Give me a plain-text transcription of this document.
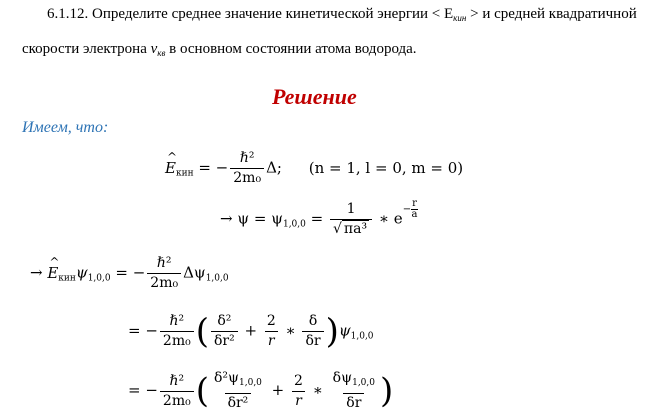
6.1.12. Определите среднее значение кинетической энергии < $E_{кин} > и$ средней квадратичной
скорости электрона $v_{кв}$ в основном состоянии атома водорода.
Решение
Имеем, что:
^ $E_{кин}$ = − $\frac{\text{ℏ²}}{\text{2m₀}} \Delta$; (n = 1, l = 0, m = 0)
→ $\psi = \psi_{1,0,0} = \frac{1}{\text{√ πa³}}$ ∗ e
− $\frac{r}{a}$
→ ^ $E_{кин}\psi_{1,0,0}$ = − $\frac{\text{ℏ²}}{\text{2m₀}} \Delta\psi_{1,0,0}$
= − $\frac{\text{ℏ²}}{\text{2m₀}}$ ( $\frac{\text{δ²}}{\text{δr²}} + \frac{2}{r}$ ∗ $\frac{\delta}{\delta r} )\psi_{1,0,0}$
= − $\frac{\text{ℏ²}}{\text{2m₀}}$ ( $\frac{\delta^2\psi_{1,0,0}}{\text{δr²}} + \frac{2}{r}$ ∗ $\frac{\delta\psi_{1,0,0}}{\delta r}$ )
